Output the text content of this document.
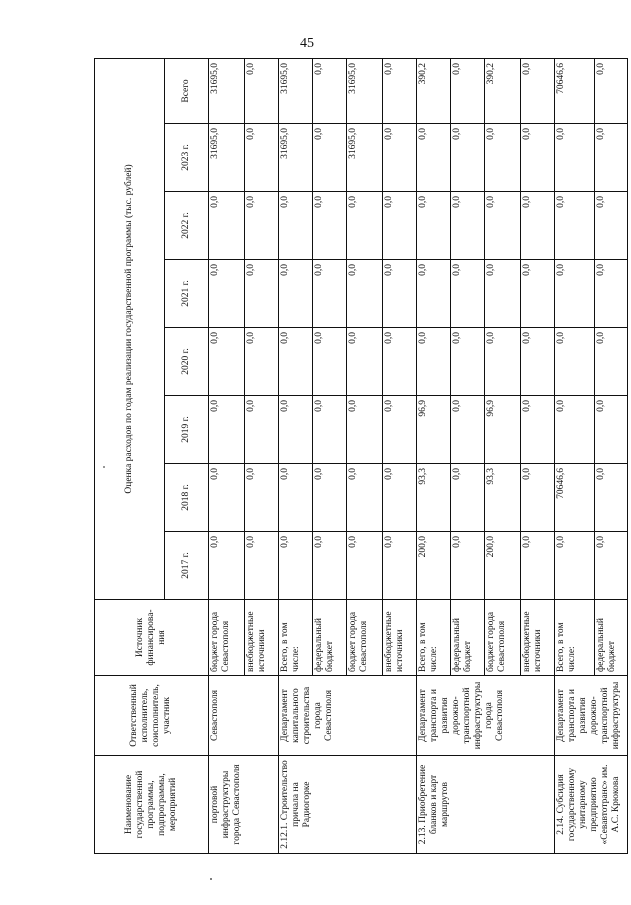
45
Наименование государственной программы, подпрограммы, мероприятий	Ответственный исполнитель, соисполнитель, участник	Источник финансирова-ния	Оценка расходов по годам реализации государственной программы (тыс. рублей)							
			2017 г.	2018 г.	2019 г.	2020 г.	2021 г.	2022 г.	2023 г.	Всего
портовой инфраструктуры города Севастополя	Севастополя	бюджет города Севастополя	0,0	0,0	0,0	0,0	0,0	0,0	31695,0	31695,0
		внебюджетные источники	0,0	0,0	0,0	0,0	0,0	0,0	0,0	0,0
2.12.1. Строительство причала на Радиогорке	Департамент капитального строительства города Севастополя	Всего, в том числе:	0,0	0,0	0,0	0,0	0,0	0,0	31695,0	31695,0
		федеральный бюджет	0,0	0,0	0,0	0,0	0,0	0,0	0,0	0,0
		бюджет города Севастополя	0,0	0,0	0,0	0,0	0,0	0,0	31695,0	31695,0
		внебюджетные источники	0,0	0,0	0,0	0,0	0,0	0,0	0,0	0,0
2.13. Приобретение бланков и карт маршрутов	Департамент транспорта и развития дорожно-транспортной инфраструктуры города Севастополя	Всего, в том числе:	200,0	93,3	96,9	0,0	0,0	0,0	0,0	390,2
		федеральный бюджет	0,0	0,0	0,0	0,0	0,0	0,0	0,0	0,0
		бюджет города Севастополя	200,0	93,3	96,9	0,0	0,0	0,0	0,0	390,2
		внебюджетные источники	0,0	0,0	0,0	0,0	0,0	0,0	0,0	0,0
2.14. Субсидия государственному унитарному предприятию «Севавтотранс» им. А.С. Крюкова	Департамент транспорта и развития дорожно-транспортной инфраструктуры	Всего, в том числе:	0,0	70646,6	0,0	0,0	0,0	0,0	0,0	70646,6
		федеральный бюджет	0,0	0,0	0,0	0,0	0,0	0,0	0,0	0,0
